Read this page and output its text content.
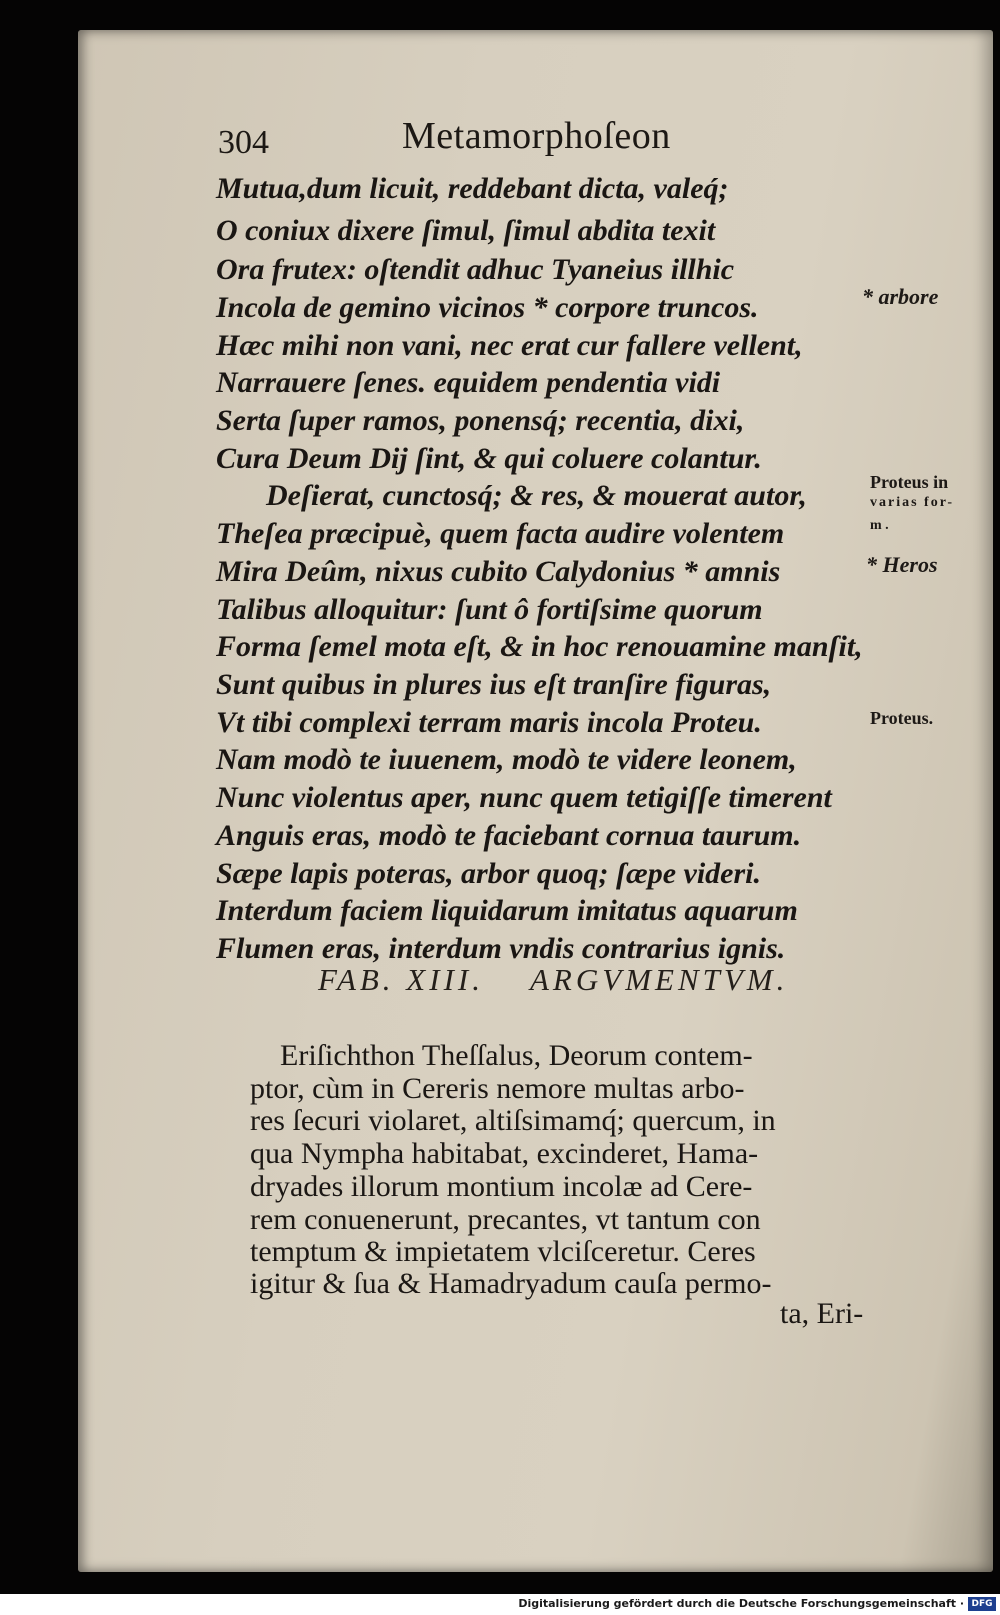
304	Metamorphoſeon
Mutua,dum licuit, reddebant dicta, valeq́;
O coniux dixere ſimul, ſimul abdita texit
Ora frutex: oſtendit adhuc Tyaneius illhic
Incola de gemino vicinos * corpore truncos.
Hæc mihi non vani, nec erat cur fallere vellent,
Narrauere ſenes. equidem pendentia vidi
Serta ſuper ramos, ponensq́; recentia, dixi,
Cura Deum Dij ſint, & qui coluere colantur.
Deſierat, cunctosq́; & res, & mouerat autor,
Theſea præcipuè, quem facta audire volentem
Mira Deûm, nixus cubito Calydonius * amnis
Talibus alloquitur: ſunt ô fortiſsime quorum
Forma ſemel mota eſt, & in hoc renouamine manſit,
Sunt quibus in plures ius eſt tranſire figuras,
Vt tibi complexi terram maris incola Proteu.
Nam modò te iuuenem, modò te videre leonem,
Nunc violentus aper, nunc quem tetigiſſe timerent
Anguis eras, modò te faciebant cornua taurum.
Sæpe lapis poteras, arbor quoq; ſæpe videri.
Interdum faciem liquidarum imitatus aquarum
Flumen eras, interdum vndis contrarius ignis.
* arbore
Proteus in
varias for-
m .
* Heros
Proteus.
FAB. XIII. ARGVMENTVM.
Eriſichthon Theſſalus, Deorum contem-
ptor, cùm in Cereris nemore multas arbo-
res ſecuri violaret, altiſsimamq́; quercum, in
qua Nympha habitabat, excinderet, Hama-
dryades illorum montium incolæ ad Cere-
rem conuenerunt, precantes, vt tantum con
temptum & impietatem vlciſceretur. Ceres
igitur & ſua & Hamadryadum cauſa permo-
ta, Eri-
Digitalisierung gefördert durch die Deutsche Forschungsgemeinschaft · DFG
